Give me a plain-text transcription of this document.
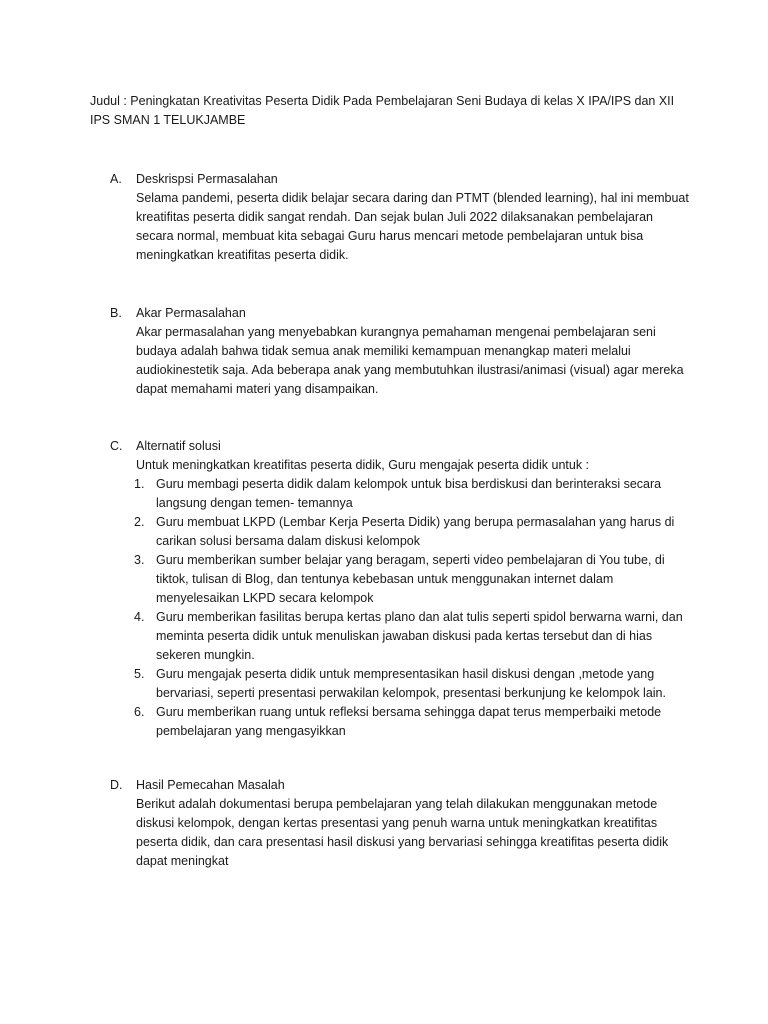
Judul : Peningkatan Kreativitas Peserta Didik Pada Pembelajaran Seni Budaya di kelas X IPA/IPS dan XII IPS SMAN 1 TELUKJAMBE
A.	Deskrispsi Permasalahan
Selama pandemi, peserta didik belajar secara daring dan PTMT (blended learning), hal ini membuat kreatifitas peserta didik sangat rendah. Dan sejak bulan Juli 2022 dilaksanakan pembelajaran secara normal, membuat kita sebagai Guru harus mencari metode pembelajaran untuk bisa meningkatkan kreatifitas peserta didik.
B.	Akar Permasalahan
Akar permasalahan yang menyebabkan kurangnya pemahaman mengenai pembelajaran seni budaya adalah bahwa tidak semua anak memiliki kemampuan menangkap materi melalui audiokinestetik saja. Ada beberapa anak yang membutuhkan ilustrasi/animasi (visual) agar mereka dapat memahami materi yang disampaikan.
C.	Alternatif solusi
Untuk meningkatkan kreatifitas peserta didik, Guru mengajak peserta didik untuk :
1. Guru membagi peserta didik dalam kelompok untuk bisa berdiskusi dan berinteraksi secara langsung dengan temen- temannya
2. Guru membuat LKPD (Lembar Kerja Peserta Didik) yang berupa permasalahan yang harus di carikan solusi bersama dalam diskusi kelompok
3. Guru memberikan sumber belajar yang beragam, seperti video pembelajaran di You tube, di tiktok, tulisan di Blog, dan tentunya kebebasan untuk menggunakan internet dalam menyelesaikan LKPD secara kelompok
4. Guru memberikan fasilitas berupa kertas plano dan alat tulis seperti spidol berwarna warni, dan meminta peserta didik untuk menuliskan jawaban diskusi pada kertas tersebut dan di hias sekeren mungkin.
5. Guru mengajak peserta didik untuk mempresentasikan hasil diskusi dengan ,metode yang bervariasi, seperti presentasi perwakilan kelompok, presentasi berkunjung ke kelompok lain.
6. Guru memberikan ruang untuk refleksi bersama sehingga dapat terus memperbaiki metode pembelajaran yang mengasyikkan
D.	Hasil Pemecahan Masalah
Berikut adalah dokumentasi berupa pembelajaran yang telah dilakukan menggunakan metode diskusi kelompok, dengan kertas presentasi yang penuh warna untuk meningkatkan kreatifitas peserta didik, dan cara presentasi hasil diskusi yang bervariasi sehingga kreatifitas peserta didik dapat meningkat
